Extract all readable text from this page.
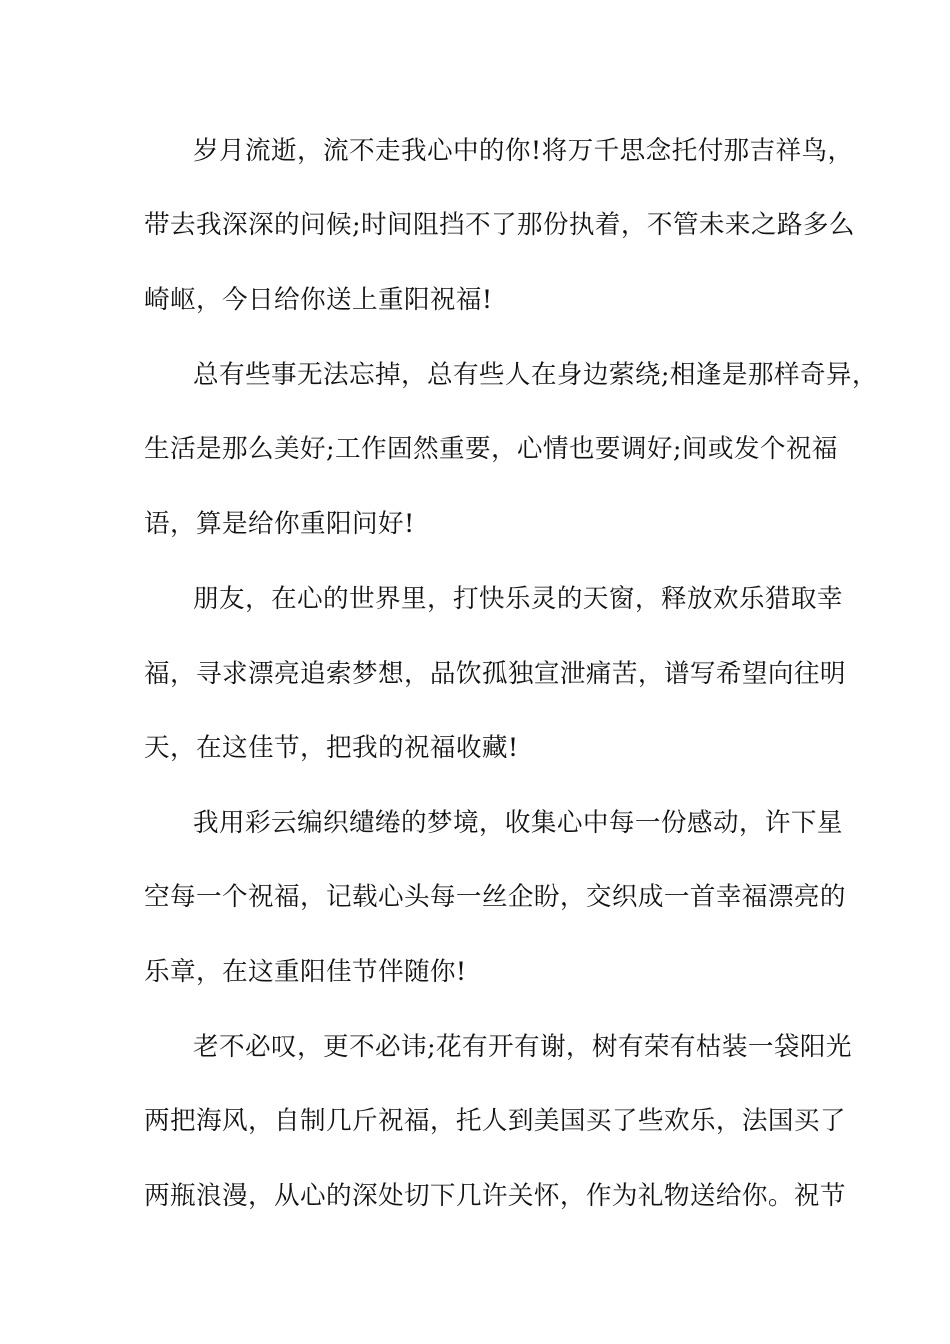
岁月流逝，流不走我心中的你!将万千思念托付那吉祥鸟，
带去我深深的问候;时间阻挡不了那份执着，不管未来之路多么
崎岖，今日给你送上重阳祝福!
总有些事无法忘掉，总有些人在身边萦绕;相逢是那样奇异，
生活是那么美好;工作固然重要，心情也要调好;间或发个祝福
语，算是给你重阳问好!
朋友，在心的世界里，打快乐灵的天窗，释放欢乐猎取幸
福，寻求漂亮追索梦想，品饮孤独宣泄痛苦，谱写希望向往明
天，在这佳节，把我的祝福收藏!
我用彩云编织缱绻的梦境，收集心中每一份感动，许下星
空每一个祝福，记载心头每一丝企盼，交织成一首幸福漂亮的
乐章，在这重阳佳节伴随你!
老不必叹，更不必讳;花有开有谢，树有荣有枯装一袋阳光
两把海风，自制几斤祝福，托人到美国买了些欢乐，法国买了
两瓶浪漫，从心的深处切下几许关怀，作为礼物送给你。祝节
